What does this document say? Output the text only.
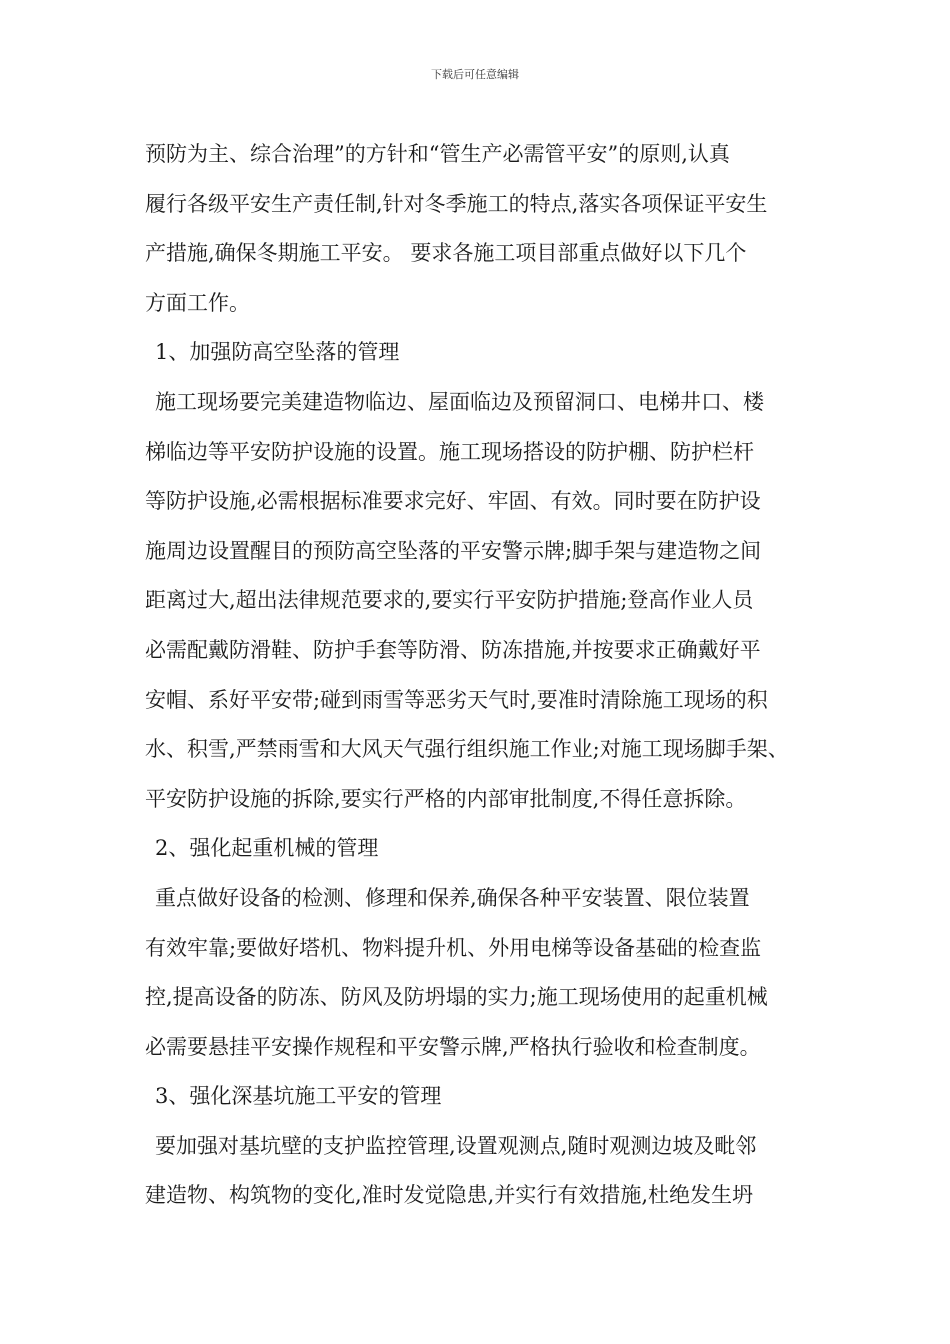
下载后可任意编辑
预防为主、综合治理”的方针和“管生产必需管平安”的原则,认真
履行各级平安生产责任制,针对冬季施工的特点,落实各项保证平安生
产措施,确保冬期施工平安。 要求各施工项目部重点做好以下几个
方面工作。
1、加强防高空坠落的管理
施工现场要完美建造物临边、屋面临边及预留洞口、电梯井口、楼
梯临边等平安防护设施的设置。施工现场搭设的防护棚、防护栏杆
等防护设施,必需根据标准要求完好、牢固、有效。同时要在防护设
施周边设置醒目的预防高空坠落的平安警示牌;脚手架与建造物之间
距离过大,超出法律规范要求的,要实行平安防护措施;登高作业人员
必需配戴防滑鞋、防护手套等防滑、防冻措施,并按要求正确戴好平
安帽、系好平安带;碰到雨雪等恶劣天气时,要准时清除施工现场的积
水、积雪,严禁雨雪和大风天气强行组织施工作业;对施工现场脚手架、
平安防护设施的拆除,要实行严格的内部审批制度,不得任意拆除。
2、强化起重机械的管理
重点做好设备的检测、修理和保养,确保各种平安装置、限位装置
有效牢靠;要做好塔机、物料提升机、外用电梯等设备基础的检查监
控,提高设备的防冻、防风及防坍塌的实力;施工现场使用的起重机械
必需要悬挂平安操作规程和平安警示牌,严格执行验收和检查制度。
3、强化深基坑施工平安的管理
要加强对基坑壁的支护监控管理,设置观测点,随时观测边坡及毗邻
建造物、构筑物的变化,准时发觉隐患,并实行有效措施,杜绝发生坍
